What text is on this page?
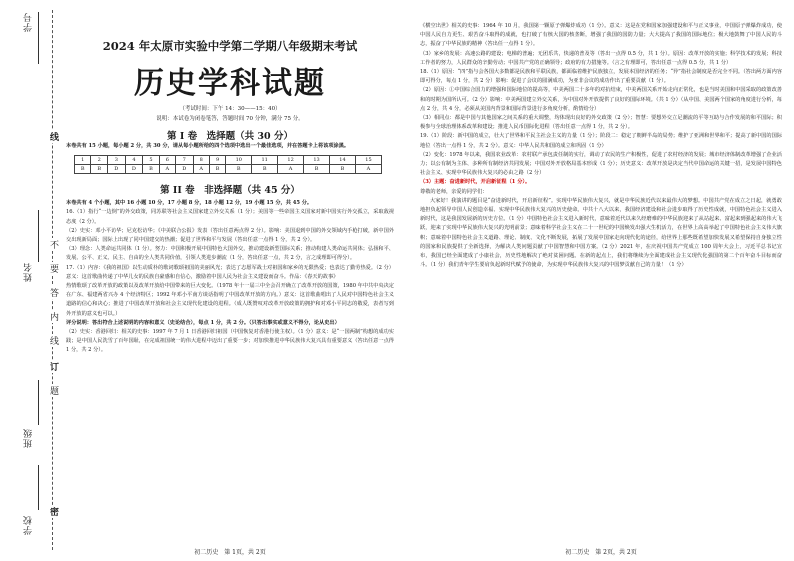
学号
姓名
班级
学校
线
不
要
答
内
线
订
题
密
2024 年太原市实验中学第二学期八年级期末考试
历史学科试题
（考试时间：下午 14：30——15：40）
说明：本试卷为闭卷笔答，答题时间 70 分钟，满分 75 分。
第 I 卷　选择题（共 30 分）

本卷共有 15 小题，每小题 2 分，共 30 分，请从每小题所给的四个选项中选出一个最佳选项，并在答题卡上将该项涂黑。

1	2	3	4	5	6	7	8	9	10	11	12	13	14	15
B	B	D	D	B	A	D	A	B	B	B	A	B	B	A
第 II 卷　非选择题（共 45 分）

本卷共有 4 个小题，其中 16 小题 10 分，17 小题 8 分，18 小题 12 分，19 小题 15 分，共 45 分。

16.（1）指行“一边倒”的外交政策，同苏联等社会主义国家建立外交关系（1 分）；美国等一些帝国主义国家对新中国实行外交孤立，采取敌视态度（2 分）。

（2）史实：邓小平访华；尼克松访华；《中美联合公报》发表（答出任意两点得 2 分）。影响：美国退到中国的外交领域内手枪打破，新中国外交出现新局面；国际上出现了同中国建交的热潮；促进了世界和平与发展（答出任意一点得 1 分，共 2 分）。

（3）理念：人类命运共同体（1 分）。努力：中国积极开展中国特色大国外交，推动建设新型国际关系；推动构建人类命运共同体；弘扬和平、发展、公平、正义、民主、自由的全人类共同价值，引领人类进步潮流（1 分，答出任意一点，共 2 分，言之成理即可得分）。

17.（1）内容：《我的祖国》以生动质朴的歌词歌颂祖国的美丽风光；表达了志愿军战士对祖国和家乡的无限热爱；也表达了勤劳热爱。（2 分）意义：这首歌曲传递了中华儿女的民族自豪感和自信心，激励着中国人民为社会主义建设而奋斗。作品：《春天的故事》

热情歌颂了改革开放的政策以及改革开放给中国带来的巨大变化。（1978 年十一届三中全会召开确立了改革开放的国策，1980 年中共中央决定在广东、福建两省兴办 4 个经济特区；1992 年邓小平南方谈话指明了中国改革开放的方向。）意义：这首歌曲唱出了人民对中国特色社会主义道路的信心和决心；推进了中国改革开放和社会主义现代化建设的进程。（成人既赞叹对改革开放政策的拥护和对邓小平同志的敬爱，表者写到外开放的意义也可以。）

评分说明：答出符合上述说明的内容和意义（史论结合），每点 1 分，共 2 分。（只答出事实或意义不得分，论从史出）

（2）史实：香港回归：相关的史事：1997 年 7 月 1 日香港回归祖国（中国恢复对香港行使主权）。（1 分）意义：是“一国两制”构想的成功实践；是中国人民洗雪了百年国耻，在完成祖国统一的伟大进程中迈出了重要一步；对加快推进中华民族伟大复兴具有重要意义（答出任意一点得 1 分，共 2 分）。

初二历史　第 1页，共 2页

《横空出世》相关的史事：1964 年 10 月，我国第一颗原子弹爆炸成功（1 分）。意义：这是在党和国家加强建设和平与正义事业，中国原子弹爆炸成功，使中国人民自力更生、艰苦奋斗取得的成就，也打破了有核大国的核垄断，增强了我国的国防力量；大大提高了我国的国际地位；极大地鼓舞了中国人民的斗志，振奋了中华民族的精神（答出任一点得 1 分）。

（3）家乡的发展：高速公路的建设；电梯的普遍；无团乐共，快递的普及等（答出一点得 0.5 分，共 1 分）。原因：改革开放的实施；科学技术的发展；科技工作者的努力，人民群众的辛勤劳动；中国共产党的正确领导；政府的有力措施等。（言之有理即可，答出任意一点得 0.5 分，共 1 分）

18.（1）原因：“四”指与会各国大多数都是民族和平联民族，都面临着维护民族独立，发展本国经济的任务；“异”指社会制度是否完全不同。（答出两方面内容即可得分，每点 1 分，共 2 分）影响：促进了会议的圆满成功，为亚非会议的成功作出了重要贡献（1 分）。

（2）原因：①中国综合国力的增强和国际地位的提高等，中美两国二十多年的对抗结束，中美两国关系开始走向正常化，也是当时美国和中国采取的政策改善和的时期为国所认可。（2 分）影响：中美两国建立外交关系，为中国对外开放提供了良好的国际环境。（共 1 分）（从中国、美国两个国家的角度进行分析，每点 2 分，共 4 分，必须从美国内背景和国际背景进行多角度分析，酌情给分）

（3）相同点：都是中国与其他国家之间关系的重大调整，均体现出良好的外交政策（2 分）；智慧：要想外交立足潮流的平等互助与合作发展的和平国际；积极参与全球治理体系改革和建设；推进人民币国际化进程（答出任意一点得 1 分，共 2 分）。

19.（1）阶段：新中国的成立，壮大了世界和平民主社会主义的力量（1 分）；阶段二：稳定了朝鲜半岛的局势；维护了亚洲和世界和平；提高了新中国的国际地位（答出一点得 1 分，共 2 分）。意义：中华人民共和国的成立和巩固（1 分）

（2）变化：1978 年以来，我国农业改革：农村联产承包责任制的实行，调动了农民的生产积极性，促进了农村经济的发展；城市经济体制改革增强了企业活力；以公有制为主体、多种所有制经济共同发展；中国对外开放格局基本形成（1 分）；历史意义：改革开放是决定当代中国命运的关键一招，是发展中国特色社会主义、实现中华民族伟大复兴的必由之路（2 分）

（3）主题：奋进新时代，开启新征程（1 分）。

尊敬的老师，亲爱的同学们：

大家好！我演讲的题目是“奋进新时代，开启新征程”。实现中华民族伟大复兴，就是中华民族近代以来最伟大的梦想。中国共产党在成立之日起，就勇敢地担负起领导中国人民创造幸福、实现中华民族伟大复兴的历史使命。中共十八大以来，我国经济建设和社会进步取得了历史性成就，中国特色社会主义进入新时代，这是我国发展新的历史方位。（1 分）中国特色社会主义进入新时代，意味着近代以来久经磨难的中华民族迎来了从站起来、富起来到强起来的伟大飞跃，迎来了实现中华民族伟大复兴的光明前景；意味着科学社会主义在二十一世纪的中国焕发出强大生机活力，在世界上高高举起了中国特色社会主义伟大旗帜；意味着中国特色社会主义道路、理论、制度、文化不断发展，拓展了发展中国家走向现代化的途径，给世界上那些既希望加快发展又希望保持自身独立性的国家和民族提供了全新选择，为解决人类问题贡献了中国智慧和中国方案。（2 分）2021 年，在庆祝中国共产党成立 100 周年大会上，习近平总书记宣布，我国已经全面建成了小康社会，历史性地解决了绝对贫困问题。在新的起点上，我们将继续为全面建成社会主义现代化强国的第二个百年奋斗目标而奋斗。（1 分）我们青年学生要肩负起新时代赋予的使命，为实现中华民族伟大复兴的中国梦贡献自己的力量！（1 分）

初二历史　第 2页，共 2页
